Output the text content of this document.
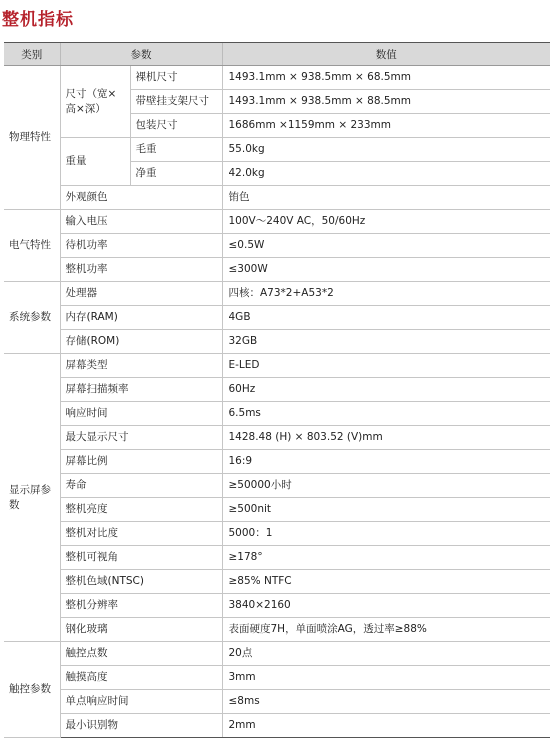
整机指标
类别	参数		数值
物理特性	尺寸（宽×高×深）	裸机尺寸	1493.1mm × 938.5mm × 68.5mm
		带壁挂支架尺寸	1493.1mm × 938.5mm × 88.5mm
		包装尺寸	1686mm ×1159mm × 233mm
	重量	毛重	55.0kg
		净重	42.0kg
	外观颜色		铕色
电气特性	输入电压		100V～240V AC，50/60Hz
	待机功率		≤0.5W
	整机功率		≤300W
系统参数	处理器		四核：A73*2+A53*2
	内存(RAM)		4GB
	存储(ROM)		32GB
显示屏参数	屏幕类型		E-LED
	屏幕扫描频率		60Hz
	响应时间		6.5ms
	最大显示尺寸		1428.48 (H) × 803.52 (V)mm
	屏幕比例		16:9
	寿命		≥50000小时
	整机亮度		≥500nit
	整机对比度		5000：1
	整机可视角		≥178°
	整机色域(NTSC)		≥85% NTFC
	整机分辨率		3840×2160
	钢化玻璃		表面硬度7H，单面喷涂AG，透过率≥88%
触控参数	触控点数		20点
	触摸高度		3mm
	单点响应时间		≤8ms
	最小识别物		2mm
